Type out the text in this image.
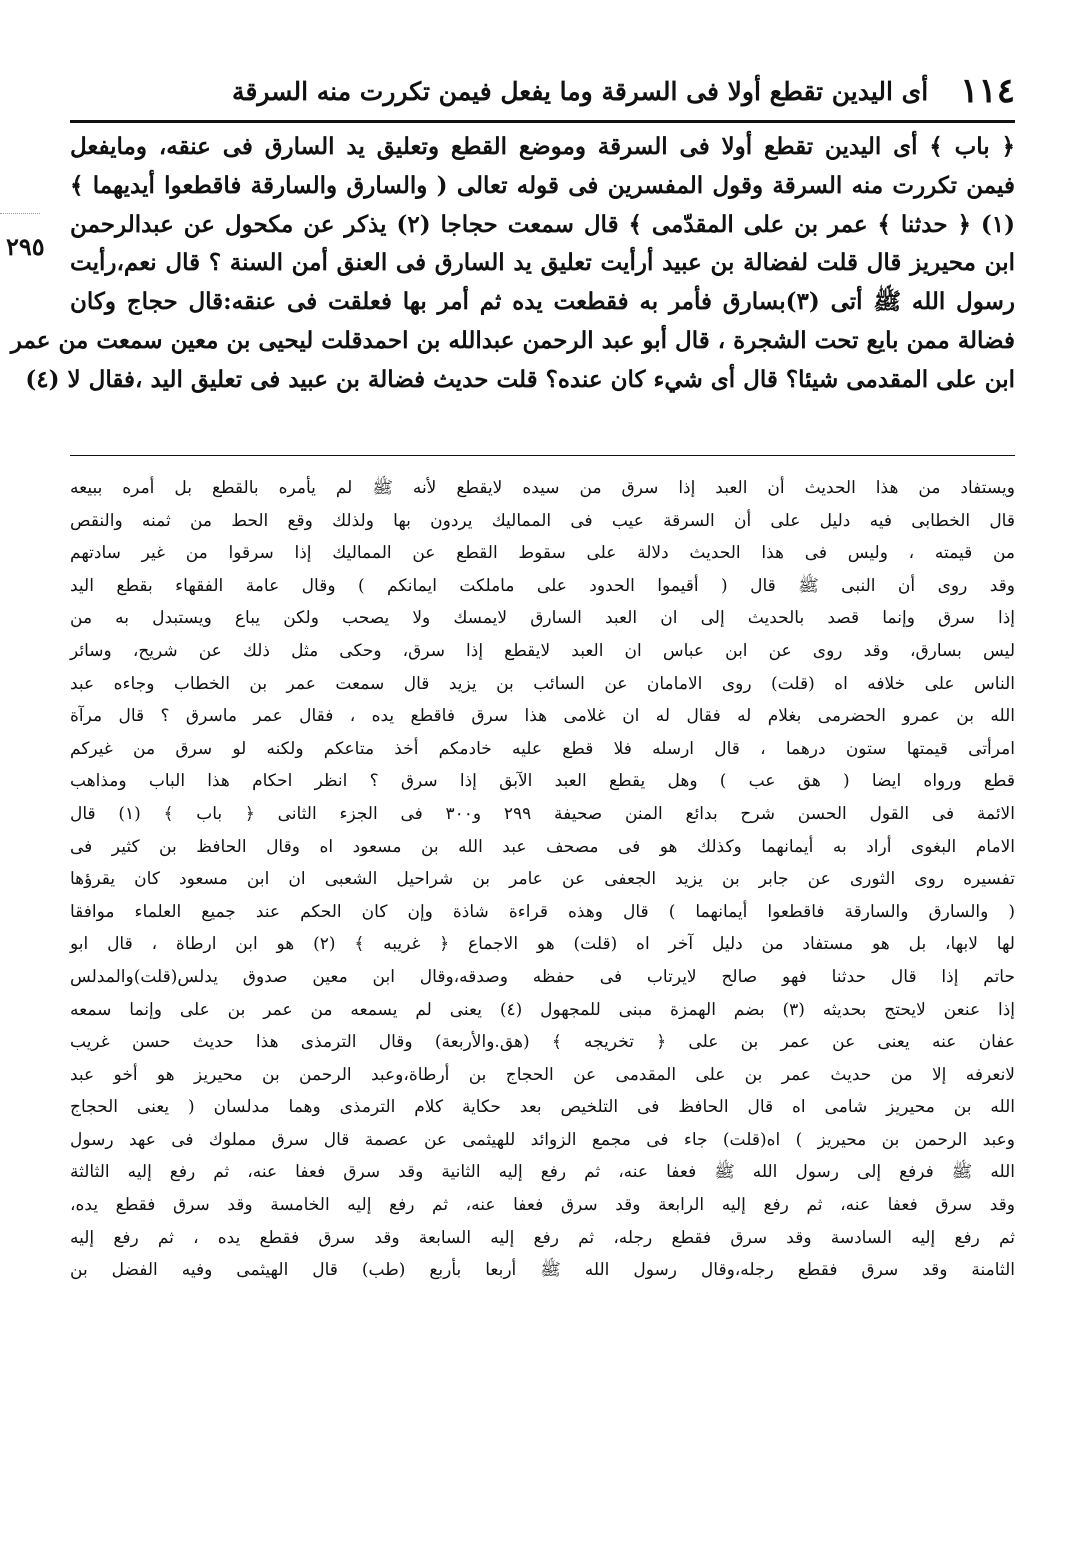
١١٤
أى اليدين تقطع أولا فى السرقة وما يفعل فيمن تكررت منه السرقة
٢٩٥
﴿ باب ﴾ أى اليدين تقطع أولا فى السرقة وموضع القطع وتعليق يد السارق فى عنقه، ومايفعل
فيمن تكررت منه السرقة وقول المفسرين فى قوله تعالى ( والسارق والسارقة فاقطعوا أيديهما ﴾
(١) ﴿ حدثنا ﴾ عمر بن على المقدّمى ﴾ قال سمعت حجاجا (٢) يذكر عن مكحول عن عبدالرحمن
ابن محيريز قال قلت لفضالة بن عبيد أرأيت تعليق يد السارق فى العنق أمن السنة ؟ قال نعم،رأيت
رسول الله ﷺ أتى (٣)بسارق فأمر به فقطعت يده ثم أمر بها فعلقت فى عنقه:قال حجاج وكان
فضالة ممن بايع تحت الشجرة ، قال أبو عبد الرحمن عبدالله بن احمدقلت ليحيى بن معين سمعت من عمر
ابن على المقدمى شيئا؟ قال أى شيء كان عنده؟ قلت حديث فضالة بن عبيد فى تعليق اليد ،فقال لا (٤)
ويستفاد من هذا الحديث أن العبد إذا سرق من سيده لايقطع لأنه ﷺ لم يأمره بالقطع بل أمره ببيعه
قال الخطابى فيه دليل على أن السرقة عيب فى المماليك يردون بها ولذلك وقع الحط من ثمنه والنقص
من قيمته ، وليس فى هذا الحديث دلالة على سقوط القطع عن المماليك إذا سرقوا من غير سادتهم
وقد روى أن النبى ﷺ قال ( أقيموا الحدود على ماملكت ايمانكم ) وقال عامة الفقهاء بقطع اليد
إذا سرق وإنما قصد بالحديث إلى ان العبد السارق لايمسك ولا يصحب ولكن يباع ويستبدل به من
ليس بسارق، وقد روى عن ابن عباس ان العبد لايقطع إذا سرق، وحكى مثل ذلك عن شريح، وسائر
الناس على خلافه اه (قلت) روى الامامان عن السائب بن يزيد قال سمعت عمر بن الخطاب وجاءه عبد
الله بن عمرو الحضرمى بغلام له فقال له ان غلامى هذا سرق فاقطع يده ، فقال عمر ماسرق ؟ قال مرآة
امرأتى قيمتها ستون درهما ، قال ارسله فلا قطع عليه خادمكم أخذ متاعكم ولكنه لو سرق من غيركم
قطع ورواه ايضا ( هق عب ) وهل يقطع العبد الآبق إذا سرق ؟ انظر احكام هذا الباب ومذاهب
الائمة فى القول الحسن شرح بدائع المنن صحيفة ٢٩٩ و٣٠٠ فى الجزء الثانى ﴿ باب ﴾ (١) قال
الامام البغوى أراد به أيمانهما وكذلك هو فى مصحف عبد الله بن مسعود اه وقال الحافظ بن كثير فى
تفسيره روى الثورى عن جابر بن يزيد الجعفى عن عامر بن شراحيل الشعبى ان ابن مسعود كان يقرؤها
( والسارق والسارقة فاقطعوا أيمانهما ) قال وهذه قراءة شاذة وإن كان الحكم عند جميع العلماء موافقا
لها لابها، بل هو مستفاد من دليل آخر اه (قلت) هو الاجماع ﴿ غريبه ﴾ (٢) هو ابن ارطاة ، قال ابو
حاتم إذا قال حدثنا فهو صالح لايرتاب فى حفظه وصدقه،وقال ابن معين صدوق يدلس(قلت)والمدلس
إذا عنعن لايحتج بحديثه (٣) بضم الهمزة مبنى للمجهول (٤) يعنى لم يسمعه من عمر بن على وإنما سمعه
عفان عنه يعنى عن عمر بن على ﴿ تخريجه ﴾ (هق.والأربعة) وقال الترمذى هذا حديث حسن غريب
لانعرفه إلا من حديث عمر بن على المقدمى عن الحجاج بن أرطاة،وعبد الرحمن بن محيريز هو أخو عبد
الله بن محيريز شامى اه قال الحافظ فى التلخيص بعد حكاية كلام الترمذى وهما مدلسان ( يعنى الحجاج
وعبد الرحمن بن محيريز ) اه(قلت) جاء فى مجمع الزوائد للهيثمى عن عصمة قال سرق مملوك فى عهد رسول
الله ﷺ فرفع إلى رسول الله ﷺ فعفا عنه، ثم رفع إليه الثانية وقد سرق فعفا عنه، ثم رفع إليه الثالثة
وقد سرق فعفا عنه، ثم رفع إليه الرابعة وقد سرق فعفا عنه، ثم رفع إليه الخامسة وقد سرق فقطع يده،
ثم رفع إليه السادسة وقد سرق فقطع رجله، ثم رفع إليه السابعة وقد سرق فقطع يده ، ثم رفع إليه
الثامنة وقد سرق فقطع رجله،وقال رسول الله ﷺ أربعا بأربع (طب) قال الهيثمى وفيه الفضل بن
